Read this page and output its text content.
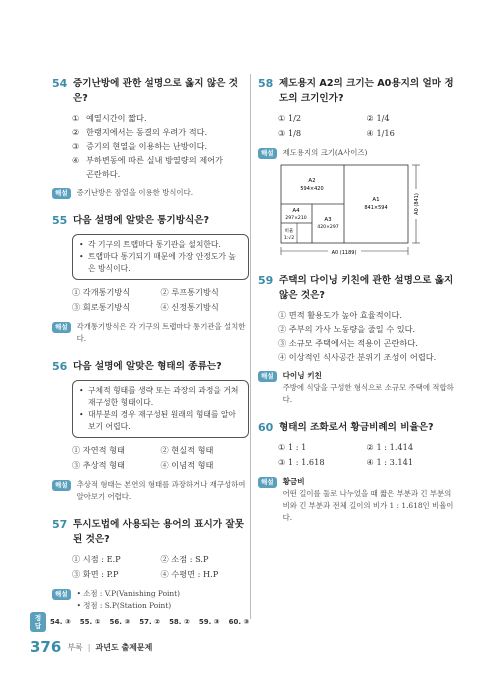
54 증기난방에 관한 설명으로 옳지 않은 것은?
① 예열시간이 짧다.
② 한랭지에서는 동결의 우려가 적다.
③ 증기의 현열을 이용하는 난방이다.
④ 부하변동에 따른 실내 방열량의 제어가
곤란하다.
해설	증기난방은 잠열을 이용한 방식이다.
55 다음 설명에 알맞은 통기방식은?
• 각 기구의 트랩마다 통기관을 설치한다.
• 트랩마다 통기되기 때문에 가장 안정도가 높은 방식이다.
① 각개통기방식	② 루프통기방식
③ 회로통기방식	④ 신정통기방식
해설	각개통기방식은 각 기구의 트랩마다 통기관을 설치한다.
56 다음 설명에 알맞은 형태의 종류는?
• 구체적 형태를 생략 또는 과장의 과정을 거쳐 재구성한 형태이다.
• 대부분의 경우 재구성된 원래의 형태를 알아보기 어렵다.
① 자연적 형태	② 현실적 형태
③ 추상적 형태	④ 이념적 형태
해설	추상적 형태는 본연의 형태를 과장하거나 재구성하여 알아보기 어렵다.
57 투시도법에 사용되는 용어의 표시가 잘못된 것은?
① 시점 : E.P	② 소점 : S.P
③ 화면 : P.P	④ 수평면 : H.P
해설	• 소점 : V.P(Vanishing Point)
• 정점 : S.P(Station Point)
58 제도용지 A2의 크기는 A0용지의 얼마 정도의 크기인가?
① 1/2	② 1/4
③ 1/8	④ 1/16
해설	제도용지의 크기(A사이즈)
A2
594×420
A1
841×594
A3
420×297
A4
297×210
비율
1:√2
A0 (1189)
A0 (841)
59 주택의 다이닝 키친에 관한 설명으로 옳지 않은 것은?
① 면적 활용도가 높아 효율적이다.
② 주부의 가사 노동량을 줄일 수 있다.
③ 소규모 주택에서는 적용이 곤란하다.
④ 이상적인 식사공간 분위기 조성이 어렵다.
해설	다이닝 키친
주방에 식당을 구성한 형식으로 소규모 주택에 적합하다.
60 형태의 조화로서 황금비례의 비율은?
① 1 : 1	② 1 : 1.414
③ 1 : 1.618	④ 1 : 3.141
해설	황금비
어떤 길이를 둘로 나누었을 때 짧은 부분과 긴 부분의 비와 긴 부분과 전체 길이의 비가 1 : 1.618인 비율이다.
정답	54. ③ 55. ① 56. ③ 57. ② 58. ② 59. ③ 60. ③
376 부록 | 과년도 출제문제
